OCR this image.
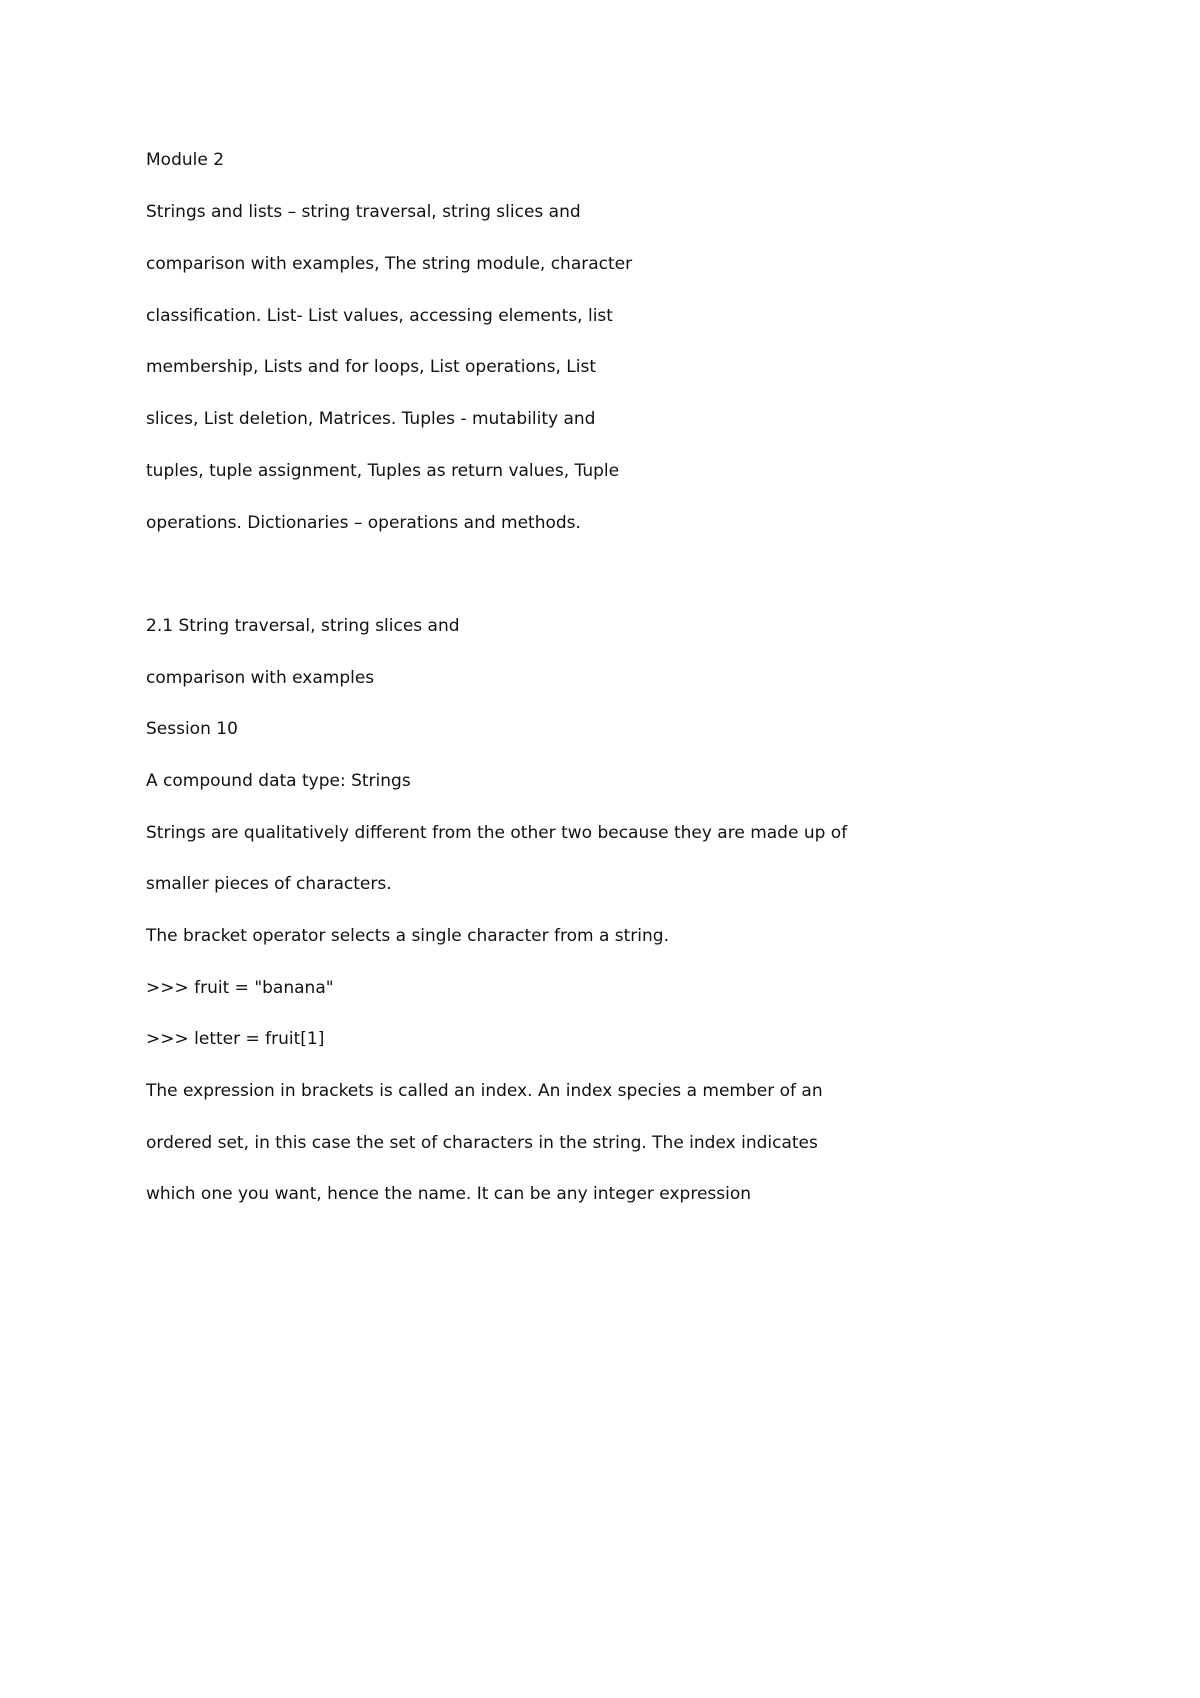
Module 2

Strings and lists – string traversal, string slices and

comparison with examples, The string module, character

classification. List- List values, accessing elements, list

membership, Lists and for loops, List operations, List

slices, List deletion, Matrices. Tuples - mutability and

tuples, tuple assignment, Tuples as return values, Tuple

operations. Dictionaries – operations and methods.

2.1 String traversal, string slices and

comparison with examples

Session 10

A compound data type: Strings

Strings are qualitatively different from the other two because they are made up of

smaller pieces of characters.

The bracket operator selects a single character from a string.

>>> fruit = "banana"

>>> letter = fruit[1]

The expression in brackets is called an index. An index species a member of an

ordered set, in this case the set of characters in the string. The index indicates

which one you want, hence the name. It can be any integer expression
